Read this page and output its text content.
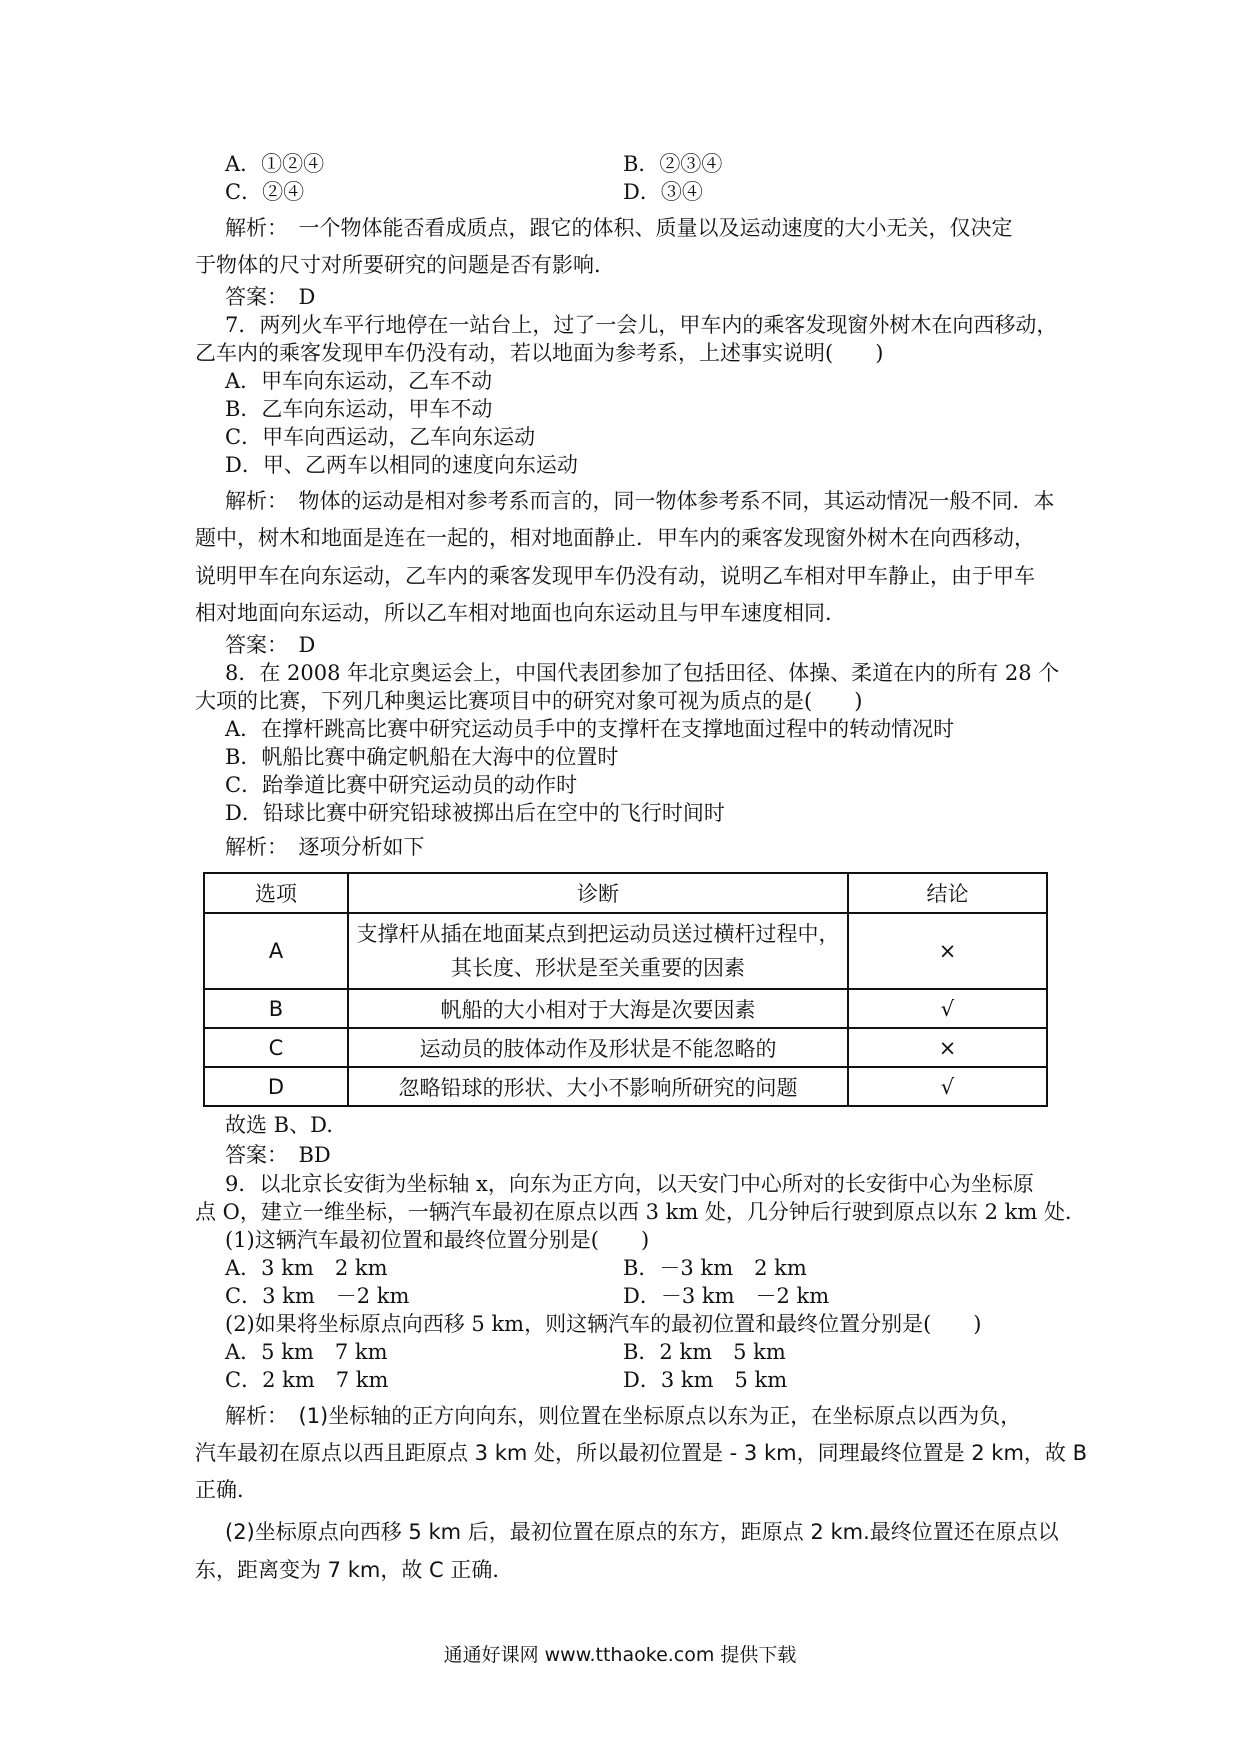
A．①②④	B．②③④
C．②④	D．③④
解析：　一个物体能否看成质点，跟它的体积、质量以及运动速度的大小无关，仅决定
于物体的尺寸对所要研究的问题是否有影响．
答案：　D
7．两列火车平行地停在一站台上，过了一会儿，甲车内的乘客发现窗外树木在向西移动，
乙车内的乘客发现甲车仍没有动，若以地面为参考系，上述事实说明(　　)
A．甲车向东运动，乙车不动
B．乙车向东运动，甲车不动
C．甲车向西运动，乙车向东运动
D．甲、乙两车以相同的速度向东运动
解析：　物体的运动是相对参考系而言的，同一物体参考系不同，其运动情况一般不同．本
题中，树木和地面是连在一起的，相对地面静止．甲车内的乘客发现窗外树木在向西移动，
说明甲车在向东运动，乙车内的乘客发现甲车仍没有动，说明乙车相对甲车静止，由于甲车
相对地面向东运动，所以乙车相对地面也向东运动且与甲车速度相同．
答案：　D
8．在 2008 年北京奥运会上，中国代表团参加了包括田径、体操、柔道在内的所有 28 个
大项的比赛，下列几种奥运比赛项目中的研究对象可视为质点的是(　　)
A．在撑杆跳高比赛中研究运动员手中的支撑杆在支撑地面过程中的转动情况时
B．帆船比赛中确定帆船在大海中的位置时
C．跆拳道比赛中研究运动员的动作时
D．铅球比赛中研究铅球被掷出后在空中的飞行时间时
解析：　逐项分析如下
选项	诊断	结论
A	支撑杆从插在地面某点到把运动员送过横杆过程中，
其长度、形状是至关重要的因素	×
B	帆船的大小相对于大海是次要因素	√
C	运动员的肢体动作及形状是不能忽略的	×
D	忽略铅球的形状、大小不影响所研究的问题	√
故选 B、D.
答案：　BD
9．以北京长安街为坐标轴 x，向东为正方向，以天安门中心所对的长安街中心为坐标原
点 O，建立一维坐标，一辆汽车最初在原点以西 3 km 处，几分钟后行驶到原点以东 2 km 处．
(1)这辆汽车最初位置和最终位置分别是(　　)
A．3 km　2 km	B．－3 km　2 km
C．3 km　－2 km	D．－3 km　－2 km
(2)如果将坐标原点向西移 5 km，则这辆汽车的最初位置和最终位置分别是(　　)
A．5 km　7 km	B．2 km　5 km
C．2 km　7 km	D．3 km　5 km
解析：　(1)坐标轴的正方向向东，则位置在坐标原点以东为正，在坐标原点以西为负，
汽车最初在原点以西且距原点 3 km 处，所以最初位置是 - 3 km，同理最终位置是 2 km，故 B
正确．
(2)坐标原点向西移 5 km 后，最初位置在原点的东方，距原点 2 km.最终位置还在原点以
东，距离变为 7 km，故 C 正确．
通通好课网 www.tthaoke.com 提供下载
